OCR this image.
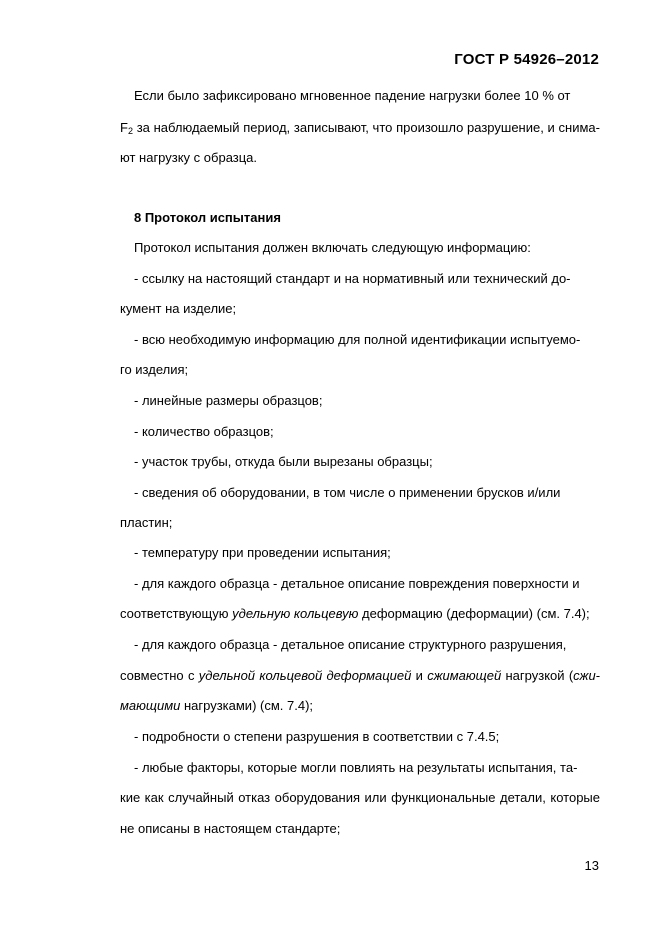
ГОСТ Р 54926–2012
Если было зафиксировано мгновенное падение нагрузки более 10 % от
$F_2$ за наблюдаемый период, записывают, что произошло разрушение, и снима-
ют нагрузку с образца.
8 Протокол испытания
Протокол испытания должен включать следующую информацию:
- ссылку на настоящий стандарт и на нормативный или технический до-
кумент на изделие;
- всю необходимую информацию для полной идентификации испытуемо-
го изделия;
- линейные размеры образцов;
- количество образцов;
- участок трубы, откуда были вырезаны образцы;
- сведения об оборудовании, в том числе о применении брусков и/или
пластин;
- температуру при проведении испытания;
- для каждого образца - детальное описание повреждения поверхности и
соответствующую удельную кольцевую деформацию (деформации) (см. 7.4);
- для каждого образца - детальное описание структурного разрушения,
совместно с удельной кольцевой деформацией и сжимающей нагрузкой (сжи-
мающими нагрузками) (см. 7.4);
- подробности о степени разрушения в соответствии с 7.4.5;
- любые факторы, которые могли повлиять на результаты испытания, та-
кие как случайный отказ оборудования или функциональные детали, которые
не описаны в настоящем стандарте;
13
